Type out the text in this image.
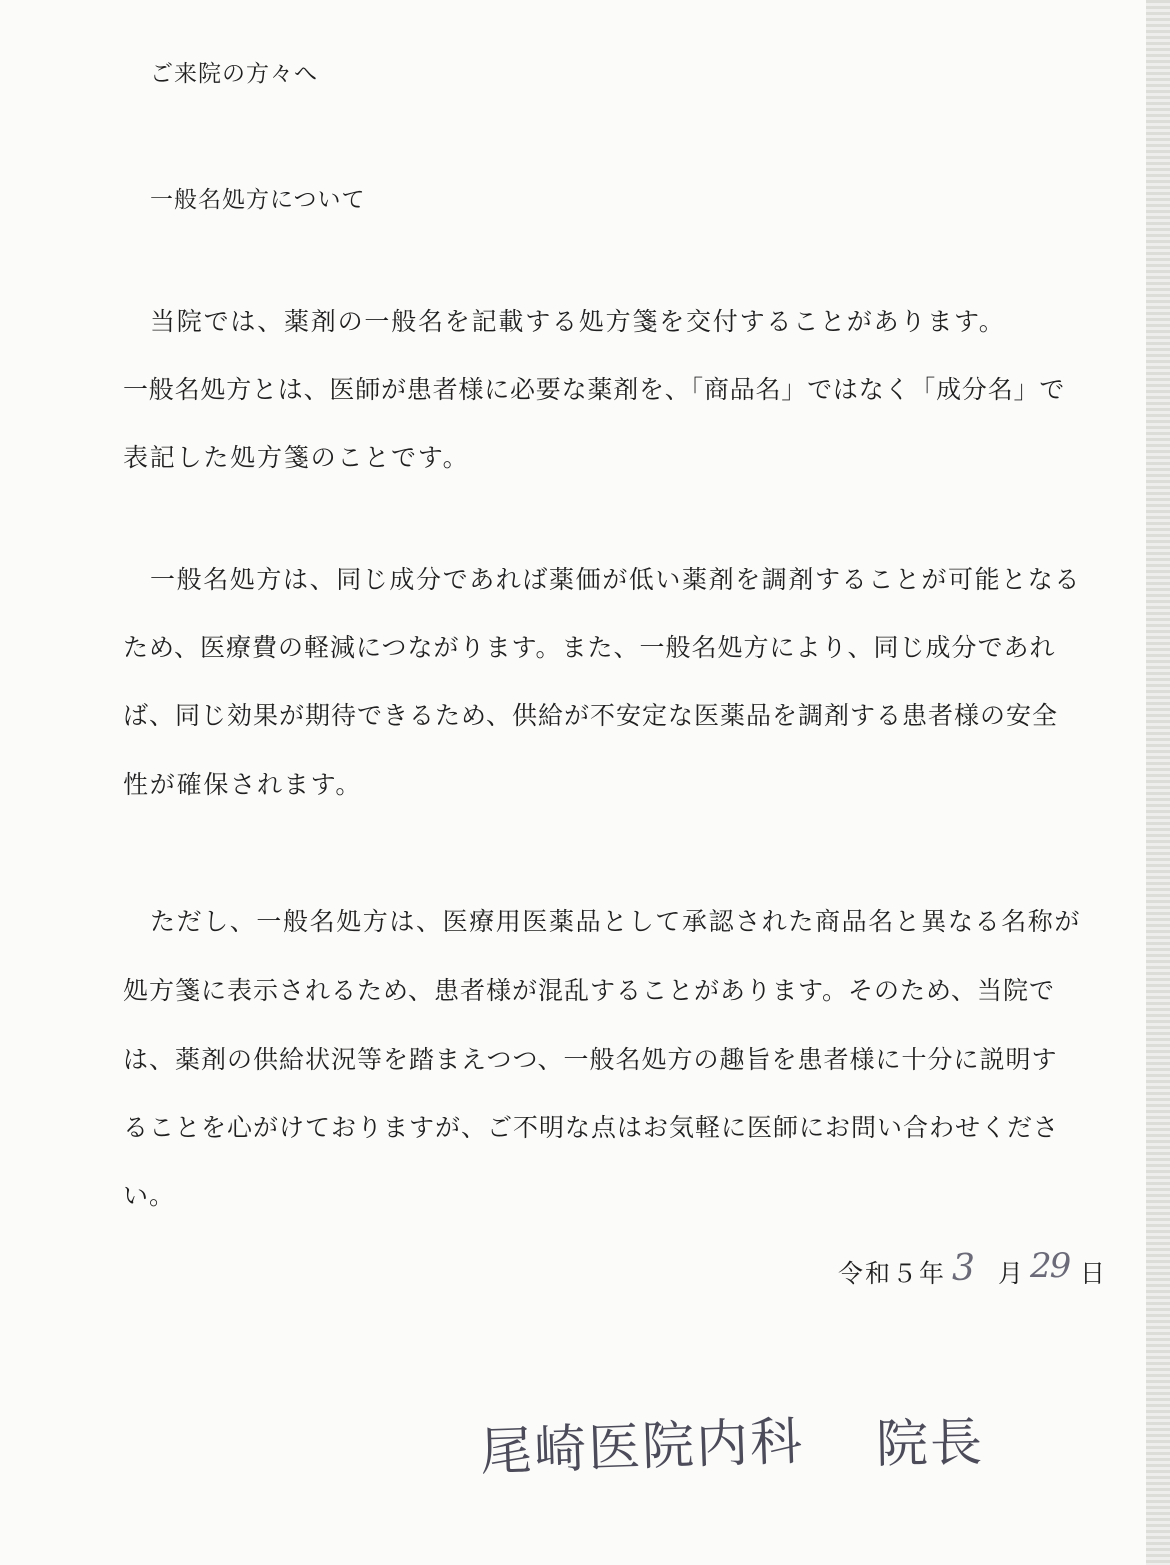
ご来院の方々へ
一般名処方について
当院では、薬剤の一般名を記載する処方箋を交付することがあります。
一般名処方とは、医師が患者様に必要な薬剤を、「商品名」ではなく「成分名」で
表記した処方箋のことです。
一般名処方は、同じ成分であれば薬価が低い薬剤を調剤することが可能となる
ため、医療費の軽減につながります。また、一般名処方により、同じ成分であれ
ば、同じ効果が期待できるため、供給が不安定な医薬品を調剤する患者様の安全
性が確保されます。
ただし、一般名処方は、医療用医薬品として承認された商品名と異なる名称が
処方箋に表示されるため、患者様が混乱することがあります。そのため、当院で
は、薬剤の供給状況等を踏まえつつ、一般名処方の趣旨を患者様に十分に説明す
ることを心がけておりますが、ご不明な点はお気軽に医師にお問い合わせくださ
い。
令和５年 3 月 29 日
尾崎医院内科 院長
